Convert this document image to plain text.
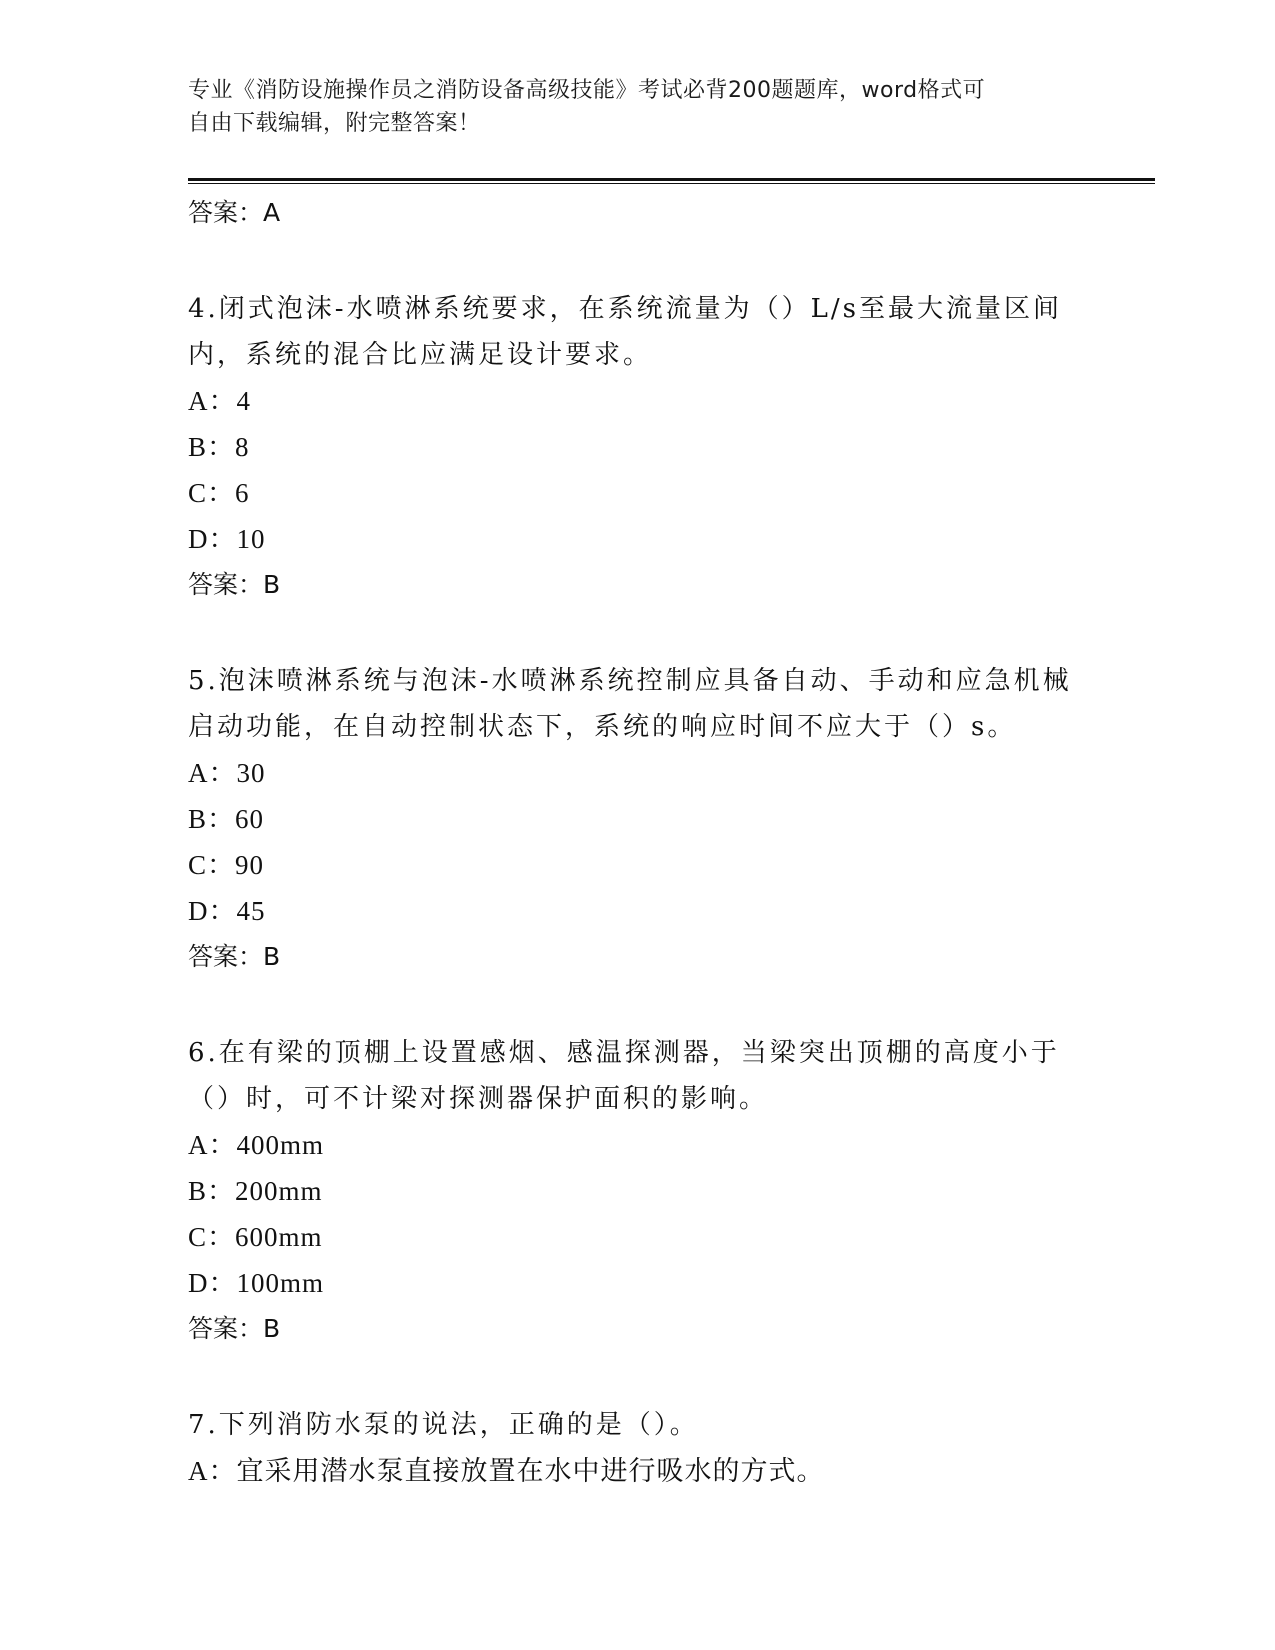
专业《消防设施操作员之消防设备高级技能》考试必背200题题库，word格式可
自由下载编辑，附完整答案！
答案：A
4.闭式泡沫-水喷淋系统要求，在系统流量为（）L/s至最大流量区间
内，系统的混合比应满足设计要求。
A：4
B：8
C：6
D：10
答案：B
5.泡沫喷淋系统与泡沫-水喷淋系统控制应具备自动、手动和应急机械
启动功能，在自动控制状态下，系统的响应时间不应大于（）s。
A：30
B：60
C：90
D：45
答案：B
6.在有梁的顶棚上设置感烟、感温探测器，当梁突出顶棚的高度小于
（）时，可不计梁对探测器保护面积的影响。
A：400mm
B：200mm
C：600mm
D：100mm
答案：B
7.下列消防水泵的说法，正确的是（）。
A：宜采用潜水泵直接放置在水中进行吸水的方式。
